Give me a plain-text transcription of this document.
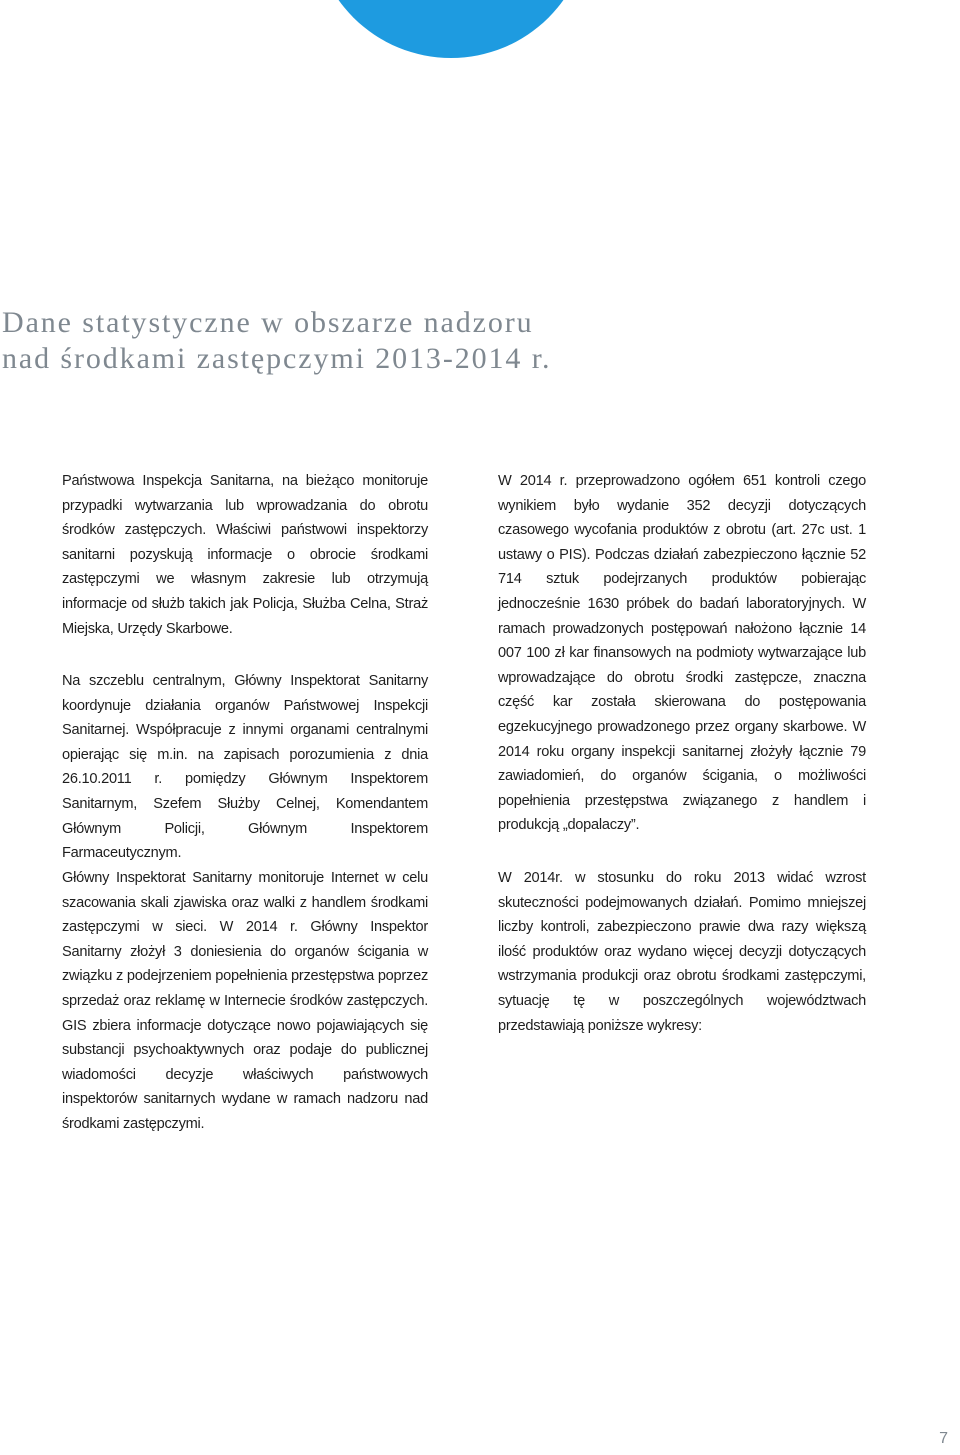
Dane statystyczne w obszarze nadzoru
nad środkami zastępczymi 2013-2014 r.

Państwowa Inspekcja Sanitarna, na bieżąco monitoruje przypadki wytwarzania lub wprowadzania do obrotu środków zastępczych. Właściwi państwowi inspektorzy sanitarni pozyskują informacje o obrocie środkami zastępczymi we własnym zakresie lub otrzymują informacje od służb takich jak Policja, Służba Celna, Straż Miejska, Urzędy Skarbowe.

Na szczeblu centralnym, Główny Inspektorat Sanitarny koordynuje działania organów Państwowej Inspekcji Sanitarnej. Współpracuje z innymi organami centralnymi opierając się m.in. na zapisach porozumienia z dnia 26.10.2011 r. pomiędzy Głównym Inspektorem Sanitarnym, Szefem Służby Celnej, Komendantem Głównym Policji, Głównym Inspektorem Farmaceutycznym.

Główny Inspektorat Sanitarny monitoruje Internet w celu szacowania skali zjawiska oraz walki z handlem środkami zastępczymi w sieci. W 2014 r. Główny Inspektor Sanitarny złożył 3 doniesienia do organów ścigania w związku z podejrzeniem popełnienia przestępstwa poprzez sprzedaż oraz reklamę w Internecie środków zastępczych. GIS zbiera informacje dotyczące nowo pojawiających się substancji psychoaktywnych oraz podaje do publicznej wiadomości decyzje właściwych państwowych inspektorów sanitarnych wydane w ramach nadzoru nad środkami zastępczymi.

W 2014 r. przeprowadzono ogółem 651 kontroli czego wynikiem było wydanie 352 decyzji dotyczących czasowego wycofania produktów z obrotu (art. 27c ust. 1 ustawy o PIS). Podczas działań zabezpieczono łącznie 52 714 sztuk podejrzanych produktów pobierając jednocześnie 1630 próbek do badań laboratoryjnych. W ramach prowadzonych postępowań nałożono łącznie 14 007 100 zł kar finansowych na podmioty wytwarzające lub wprowadzające do obrotu środki zastępcze, znaczna część kar została skierowana do postępowania egzekucyjnego prowadzonego przez organy skarbowe. W 2014 roku organy inspekcji sanitarnej złożyły łącznie 79 zawiadomień, do organów ścigania, o możliwości popełnienia przestępstwa związanego z handlem i produkcją „dopalaczy”.

W 2014r. w stosunku do roku 2013 widać wzrost skuteczności podejmowanych działań. Pomimo mniejszej liczby kontroli, zabezpieczono prawie dwa razy większą ilość produktów oraz wydano więcej decyzji dotyczących wstrzymania produkcji oraz obrotu środkami zastępczymi, sytuację tę w poszczególnych województwach przedstawiają poniższe wykresy:

7
